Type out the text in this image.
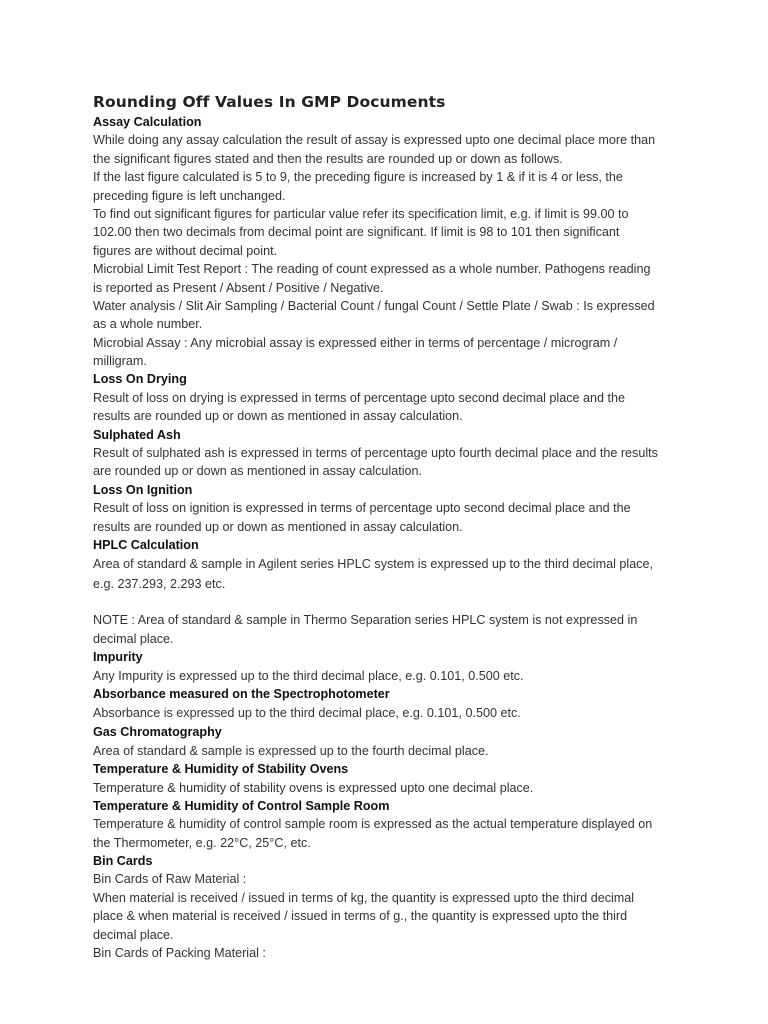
Rounding Off Values In GMP Documents
Assay Calculation
While doing any assay calculation the result of assay is expressed upto one decimal place more than
the significant figures stated and then the results are rounded up or down as follows.
If the last figure calculated is 5 to 9, the preceding figure is increased by 1 & if it is 4 or less, the
preceding figure is left unchanged.
To find out significant figures for particular value refer its specification limit, e.g. if limit is 99.00 to
102.00 then two decimals from decimal point are significant. If limit is 98 to 101 then significant
figures are without decimal point.
Microbial Limit Test Report : The reading of count expressed as a whole number. Pathogens reading
is reported as Present / Absent / Positive / Negative.
Water analysis / Slit Air Sampling / Bacterial Count / fungal Count / Settle Plate / Swab : Is expressed
as a whole number.
Microbial Assay : Any microbial assay is expressed either in terms of percentage / microgram /
milligram.
Loss On Drying
Result of loss on drying is expressed in terms of percentage upto second decimal place and the
results are rounded up or down as mentioned in assay calculation.
Sulphated Ash
Result of sulphated ash is expressed in terms of percentage upto fourth decimal place and the results
are rounded up or down as mentioned in assay calculation.
Loss On Ignition
Result of loss on ignition is expressed in terms of percentage upto second decimal place and the
results are rounded up or down as mentioned in assay calculation.
HPLC Calculation
Area of standard & sample in Agilent series HPLC system is expressed up to the third decimal place,
e.g. 237.293, 2.293 etc.
NOTE : Area of standard & sample in Thermo Separation series HPLC system is not expressed in
decimal place.
Impurity
Any Impurity is expressed up to the third decimal place, e.g. 0.101, 0.500 etc.
Absorbance measured on the Spectrophotometer
Absorbance is expressed up to the third decimal place, e.g. 0.101, 0.500 etc.
Gas Chromatography
Area of standard & sample is expressed up to the fourth decimal place.
Temperature & Humidity of Stability Ovens
Temperature & humidity of stability ovens is expressed upto one decimal place.
Temperature & Humidity of Control Sample Room
Temperature & humidity of control sample room is expressed as the actual temperature displayed on
the Thermometer, e.g. 22°C, 25°C, etc.
Bin Cards
Bin Cards of Raw Material :
When material is received / issued in terms of kg, the quantity is expressed upto the third decimal
place & when material is received / issued in terms of g., the quantity is expressed upto the third
decimal place.
Bin Cards of Packing Material :
